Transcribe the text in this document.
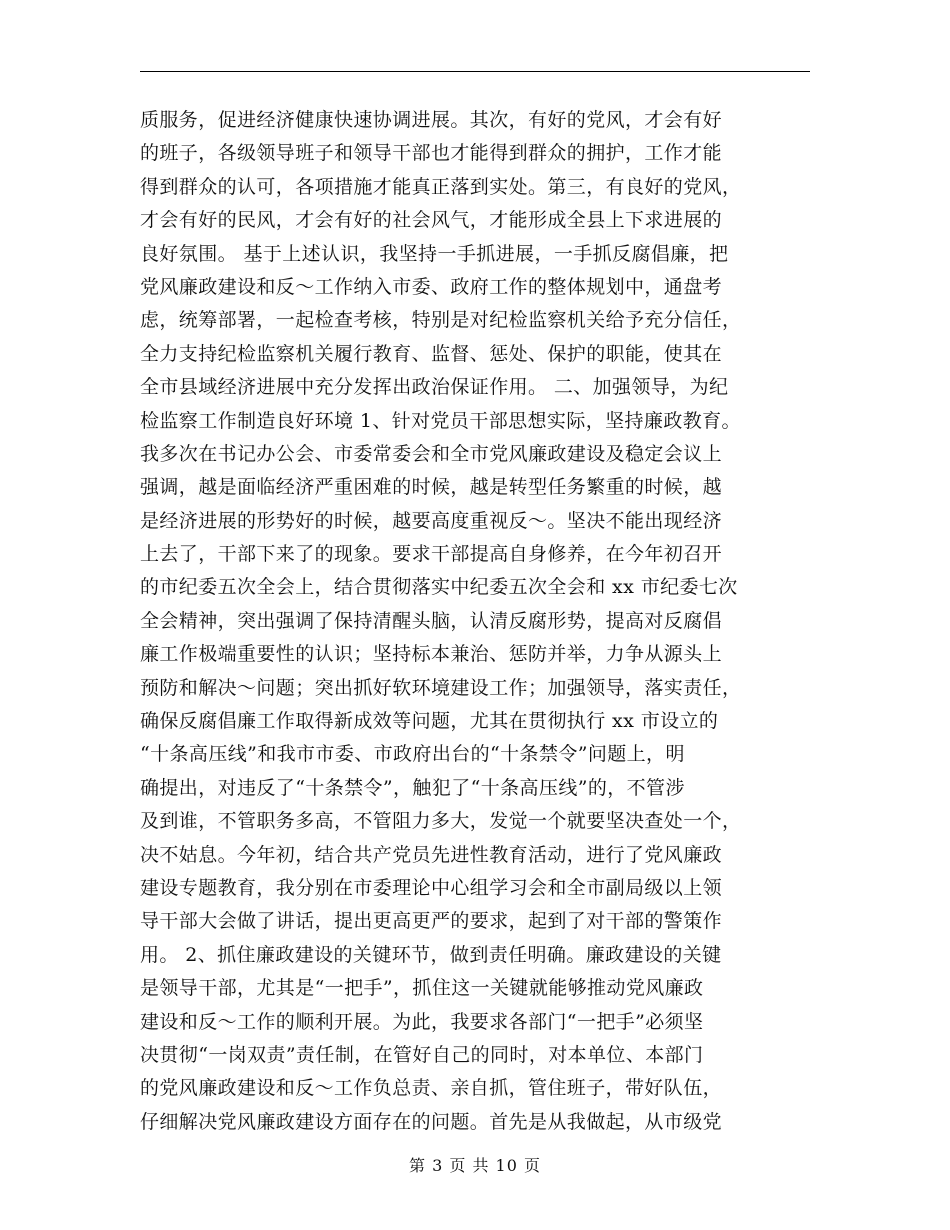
质服务，促进经济健康快速协调进展。其次，有好的党风，才会有好
的班子，各级领导班子和领导干部也才能得到群众的拥护，工作才能
得到群众的认可，各项措施才能真正落到实处。第三，有良好的党风，
才会有好的民风，才会有好的社会风气，才能形成全县上下求进展的
良好氛围。 基于上述认识，我坚持一手抓进展，一手抓反腐倡廉，把
党风廉政建设和反～工作纳入市委、政府工作的整体规划中，通盘考
虑，统筹部署，一起检查考核，特别是对纪检监察机关给予充分信任，
全力支持纪检监察机关履行教育、监督、惩处、保护的职能，使其在
全市县域经济进展中充分发挥出政治保证作用。 二、加强领导，为纪
检监察工作制造良好环境 1、针对党员干部思想实际，坚持廉政教育。
我多次在书记办公会、市委常委会和全市党风廉政建设及稳定会议上
强调，越是面临经济严重困难的时候，越是转型任务繁重的时候，越
是经济进展的形势好的时候，越要高度重视反～。坚决不能出现经济
上去了，干部下来了的现象。要求干部提高自身修养，在今年初召开
的市纪委五次全会上，结合贯彻落实中纪委五次全会和 xx 市纪委七次
全会精神，突出强调了保持清醒头脑，认清反腐形势，提高对反腐倡
廉工作极端重要性的认识；坚持标本兼治、惩防并举，力争从源头上
预防和解决～问题；突出抓好软环境建设工作；加强领导，落实责任，
确保反腐倡廉工作取得新成效等问题，尤其在贯彻执行 xx 市设立的
“十条高压线”和我市市委、市政府出台的“十条禁令”问题上，明
确提出，对违反了“十条禁令”，触犯了“十条高压线”的，不管涉
及到谁，不管职务多高，不管阻力多大，发觉一个就要坚决查处一个，
决不姑息。今年初，结合共产党员先进性教育活动，进行了党风廉政
建设专题教育，我分别在市委理论中心组学习会和全市副局级以上领
导干部大会做了讲话，提出更高更严的要求，起到了对干部的警策作
用。 2、抓住廉政建设的关键环节，做到责任明确。廉政建设的关键
是领导干部，尤其是“一把手”，抓住这一关键就能够推动党风廉政
建设和反～工作的顺利开展。为此，我要求各部门“一把手”必须坚
决贯彻“一岗双责”责任制，在管好自己的同时，对本单位、本部门
的党风廉政建设和反～工作负总责、亲自抓，管住班子，带好队伍，
仔细解决党风廉政建设方面存在的问题。首先是从我做起，从市级党
第 3 页 共 10 页
